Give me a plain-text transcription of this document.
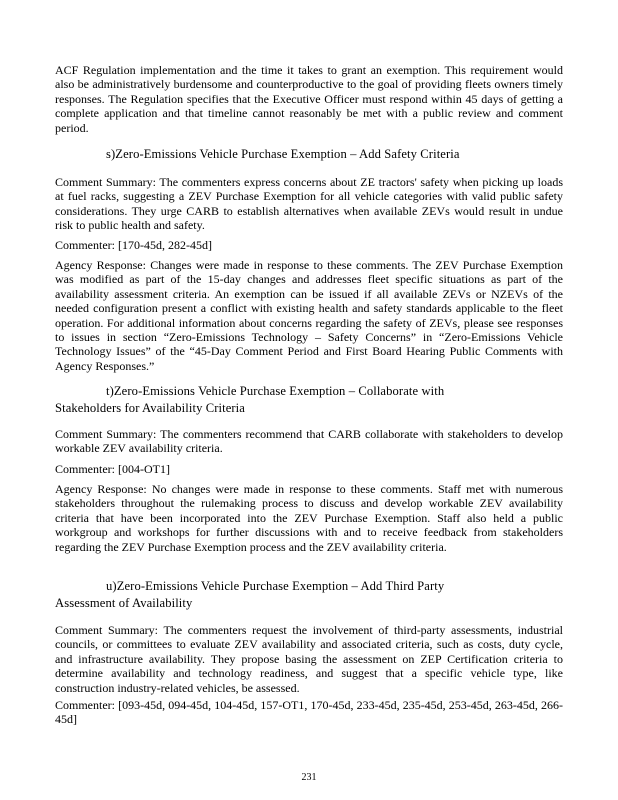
ACF Regulation implementation and the time it takes to grant an exemption. This requirement would also be administratively burdensome and counterproductive to the goal of providing fleets owners timely responses. The Regulation specifies that the Executive Officer must respond within 45 days of getting a complete application and that timeline cannot reasonably be met with a public review and comment period.

s)Zero-Emissions Vehicle Purchase Exemption – Add Safety Criteria

Comment Summary: The commenters express concerns about ZE tractors' safety when picking up loads at fuel racks, suggesting a ZEV Purchase Exemption for all vehicle categories with valid public safety considerations. They urge CARB to establish alternatives when available ZEVs would result in undue risk to public health and safety.

Commenter: [170-45d, 282-45d]

Agency Response: Changes were made in response to these comments. The ZEV Purchase Exemption was modified as part of the 15-day changes and addresses fleet specific situations as part of the availability assessment criteria. An exemption can be issued if all available ZEVs or NZEVs of the needed configuration present a conflict with existing health and safety standards applicable to the fleet operation. For additional information about concerns regarding the safety of ZEVs, please see responses to issues in section “Zero-Emissions Technology – Safety Concerns” in “Zero-Emissions Vehicle Technology Issues” of the “45-Day Comment Period and First Board Hearing Public Comments with Agency Responses.”

t)Zero-Emissions Vehicle Purchase Exemption – Collaborate with

Stakeholders for Availability Criteria

Comment Summary: The commenters recommend that CARB collaborate with stakeholders to develop workable ZEV availability criteria.

Commenter: [004-OT1]

Agency Response: No changes were made in response to these comments. Staff met with numerous stakeholders throughout the rulemaking process to discuss and develop workable ZEV availability criteria that have been incorporated into the ZEV Purchase Exemption. Staff also held a public workgroup and workshops for further discussions with and to receive feedback from stakeholders regarding the ZEV Purchase Exemption process and the ZEV availability criteria.

u)Zero-Emissions Vehicle Purchase Exemption – Add Third Party

Assessment of Availability

Comment Summary: The commenters request the involvement of third-party assessments, industrial councils, or committees to evaluate ZEV availability and associated criteria, such as costs, duty cycle, and infrastructure availability. They propose basing the assessment on ZEP Certification criteria to determine availability and technology readiness, and suggest that a specific vehicle type, like construction industry-related vehicles, be assessed.

Commenter: [093-45d, 094-45d, 104-45d, 157-OT1, 170-45d, 233-45d, 235-45d, 253-45d, 263-45d, 266-45d]

231
